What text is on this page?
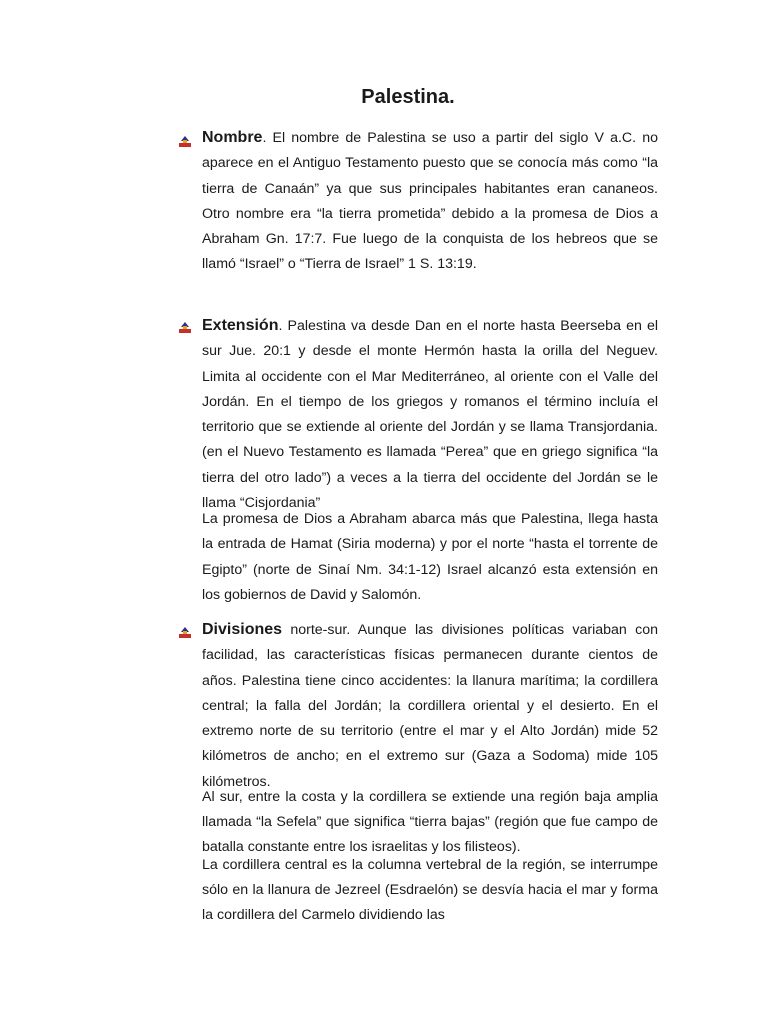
Palestina.

Nombre. El nombre de Palestina se uso a partir del siglo V a.C. no aparece en el Antiguo Testamento puesto que se conocía más como “la tierra de Canaán” ya que sus principales habitantes eran cananeos. Otro nombre era “la tierra prometida” debido a la promesa de Dios a Abraham Gn. 17:7. Fue luego de la conquista de los hebreos que se llamó “Israel” o “Tierra de Israel” 1 S. 13:19.

Extensión. Palestina va desde Dan en el norte hasta Beerseba en el sur Jue. 20:1 y desde el monte Hermón hasta la orilla del Neguev. Limita al occidente con el Mar Mediterráneo, al oriente con el Valle del Jordán. En el tiempo de los griegos y romanos el término incluía el territorio que se extiende al oriente del Jordán y se llama Transjordania. (en el Nuevo Testamento es llamada “Perea” que en griego significa “la tierra del otro lado”) a veces a la tierra del occidente del Jordán se le llama “Cisjordania”

La promesa de Dios a Abraham abarca más que Palestina, llega hasta la entrada de Hamat (Siria moderna) y por el norte “hasta el torrente de Egipto” (norte de Sinaí Nm. 34:1-12) Israel alcanzó esta extensión en los gobiernos de David y Salomón.

Divisiones norte-sur. Aunque las divisiones políticas variaban con facilidad, las características físicas permanecen durante cientos de años. Palestina tiene cinco accidentes: la llanura marítima; la cordillera central; la falla del Jordán; la cordillera oriental y el desierto. En el extremo norte de su territorio (entre el mar y el Alto Jordán) mide 52 kilómetros de ancho; en el extremo sur (Gaza a Sodoma) mide 105 kilómetros.

Al sur, entre la costa y la cordillera se extiende una región baja amplia llamada “la Sefela” que significa “tierra bajas” (región que fue campo de batalla constante entre los israelitas y los filisteos).

La cordillera central es la columna vertebral de la región, se interrumpe sólo en la llanura de Jezreel (Esdraelón) se desvía hacia el mar y forma la cordillera del Carmelo dividiendo las
